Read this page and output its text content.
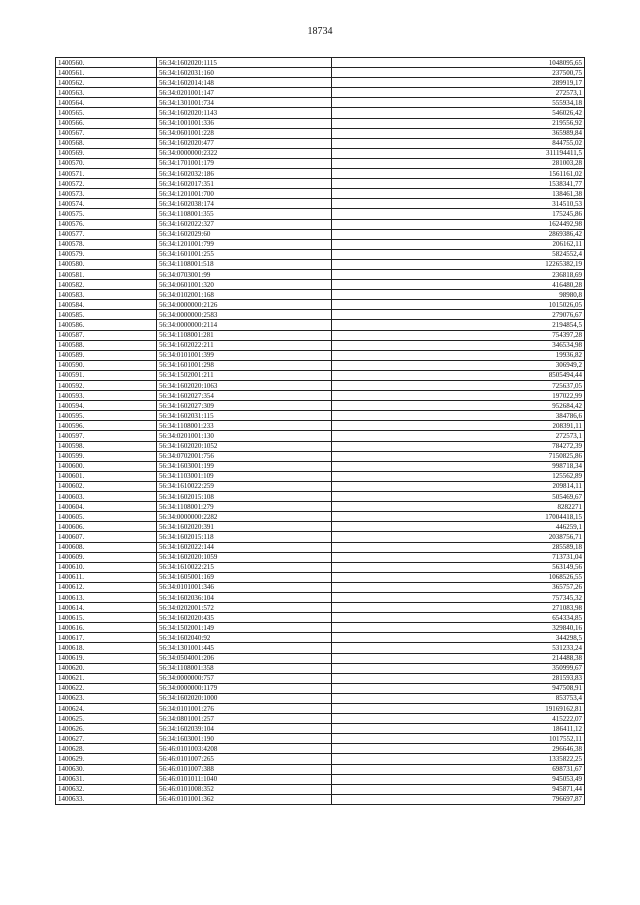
18734
1400560.	56:34:1602020:1115	1048095,65
1400561.	56:34:1602031:160	237500,75
1400562.	56:34:1602014:148	289919,17
1400563.	56:34:0201001:147	272573,1
1400564.	56:34:1301001:734	555934,18
1400565.	56:34:1602020:1143	546026,42
1400566.	56:34:1001001:336	219556,92
1400567.	56:34:0601001:228	365989,84
1400568.	56:34:1602020:477	844755,02
1400569.	56:34:0000000:2322	311194411,5
1400570.	56:34:1701001:179	281003,28
1400571.	56:34:1602032:186	1561161,02
1400572.	56:34:1602017:351	1538341,77
1400573.	56:34:1201001:700	138461,38
1400574.	56:34:1602038:174	314510,53
1400575.	56:34:1108001:355	175245,86
1400576.	56:34:1602022:327	1624492,98
1400577.	56:34:1602029:60	2869386,42
1400578.	56:34:1201001:799	206162,11
1400579.	56:34:1601001:255	5824552,4
1400580.	56:34:1108001:518	12265382,19
1400581.	56:34:0703001:99	236818,69
1400582.	56:34:0601001:320	416480,28
1400583.	56:34:0102001:168	98980,8
1400584.	56:34:0000000:2126	1015026,05
1400585.	56:34:0000000:2583	279076,67
1400586.	56:34:0000000:2114	2194854,5
1400587.	56:34:1108001:281	754397,28
1400588.	56:34:1602022:211	346534,98
1400589.	56:34:0101001:399	19936,82
1400590.	56:34:1601001:298	306949,2
1400591.	56:34:1502001:211	8505494,44
1400592.	56:34:1602020:1063	725637,05
1400593.	56:34:1602027:354	197022,99
1400594.	56:34:1602027:309	952684,42
1400595.	56:34:1602031:115	384786,6
1400596.	56:34:1108001:233	208391,11
1400597.	56:34:0201001:130	272573,1
1400598.	56:34:1602020:1052	784272,39
1400599.	56:34:0702001:756	7150825,86
1400600.	56:34:1603001:199	998718,34
1400601.	56:34:1103001:109	125562,89
1400602.	56:34:1610022:259	209814,11
1400603.	56:34:1602015:108	505469,67
1400604.	56:34:1108001:279	8282271
1400605.	56:34:0000000:2282	17004418,15
1400606.	56:34:1602020:391	446259,1
1400607.	56:34:1602015:118	2038756,71
1400608.	56:34:1602022:144	285589,18
1400609.	56:34:1602020:1059	713731,04
1400610.	56:34:1610022:215	563149,56
1400611.	56:34:1605001:169	1068526,55
1400612.	56:34:0101001:346	365757,26
1400613.	56:34:1602036:104	757345,32
1400614.	56:34:0202001:572	271083,98
1400615.	56:34:1602020:435	654334,85
1400616.	56:34:1502001:149	329840,16
1400617.	56:34:1602040:92	344298,5
1400618.	56:34:1301001:445	531233,24
1400619.	56:34:0504001:206	214488,38
1400620.	56:34:1108001:358	350999,67
1400621.	56:34:0000000:757	281593,83
1400622.	56:34:0000000:1179	947508,91
1400623.	56:34:1602020:1000	853753,4
1400624.	56:34:0101001:276	19169162,81
1400625.	56:34:0801001:257	415222,07
1400626.	56:34:1602039:104	186411,12
1400627.	56:34:1603001:190	1017552,11
1400628.	56:46:0101003:4208	296646,38
1400629.	56:46:0101007:265	1335822,25
1400630.	56:46:0101007:388	698731,67
1400631.	56:46:0101011:1040	945053,49
1400632.	56:46:0101008:352	945871,44
1400633.	56:46:0101001:362	796697,87
